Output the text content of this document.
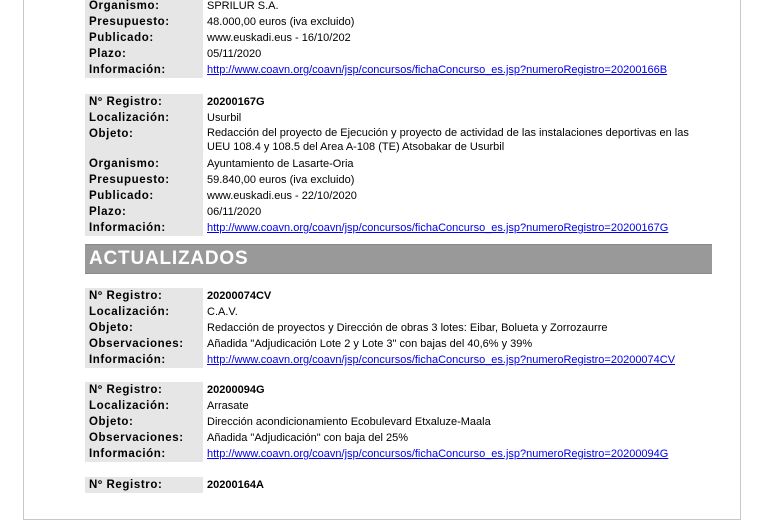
Organismo:	SPRILUR S.A.
Presupuesto:	48.000,00 euros (iva excluido)
Publicado:	www.euskadi.eus - 16/10/202
Plazo:	05/11/2020
Información:	http://www.coavn.org/coavn/jsp/concursos/fichaConcurso_es.jsp?numeroRegistro=20200166B
Nº Registro:	20200167G
Localización:	Usurbil
Objeto:	Redacción del proyecto de Ejecución y proyecto de actividad de las instalaciones deportivas en las UEU 108.4 y 108.5 del Area A-108 (TE) Atsobakar de Usurbil
Organismo:	Ayuntamiento de Lasarte-Oria
Presupuesto:	59.840,00 euros (iva excluido)
Publicado:	www.euskadi.eus - 22/10/2020
Plazo:	06/11/2020
Información:	http://www.coavn.org/coavn/jsp/concursos/fichaConcurso_es.jsp?numeroRegistro=20200167G
ACTUALIZADOS
Nº Registro:	20200074CV
Localización:	C.A.V.
Objeto:	Redacción de proyectos y Dirección de obras 3 lotes: Eibar, Bolueta y Zorrozaurre
Observaciones:	Añadida "Adjudicación Lote 2 y Lote 3" con bajas del 40,6% y 39%
Información:	http://www.coavn.org/coavn/jsp/concursos/fichaConcurso_es.jsp?numeroRegistro=20200074CV
Nº Registro:	20200094G
Localización:	Arrasate
Objeto:	Dirección acondicionamiento Ecobulevard Etxaluze-Maala
Observaciones:	Añadida "Adjudicación" con baja del 25%
Información:	http://www.coavn.org/coavn/jsp/concursos/fichaConcurso_es.jsp?numeroRegistro=20200094G
Nº Registro:	20200164A
